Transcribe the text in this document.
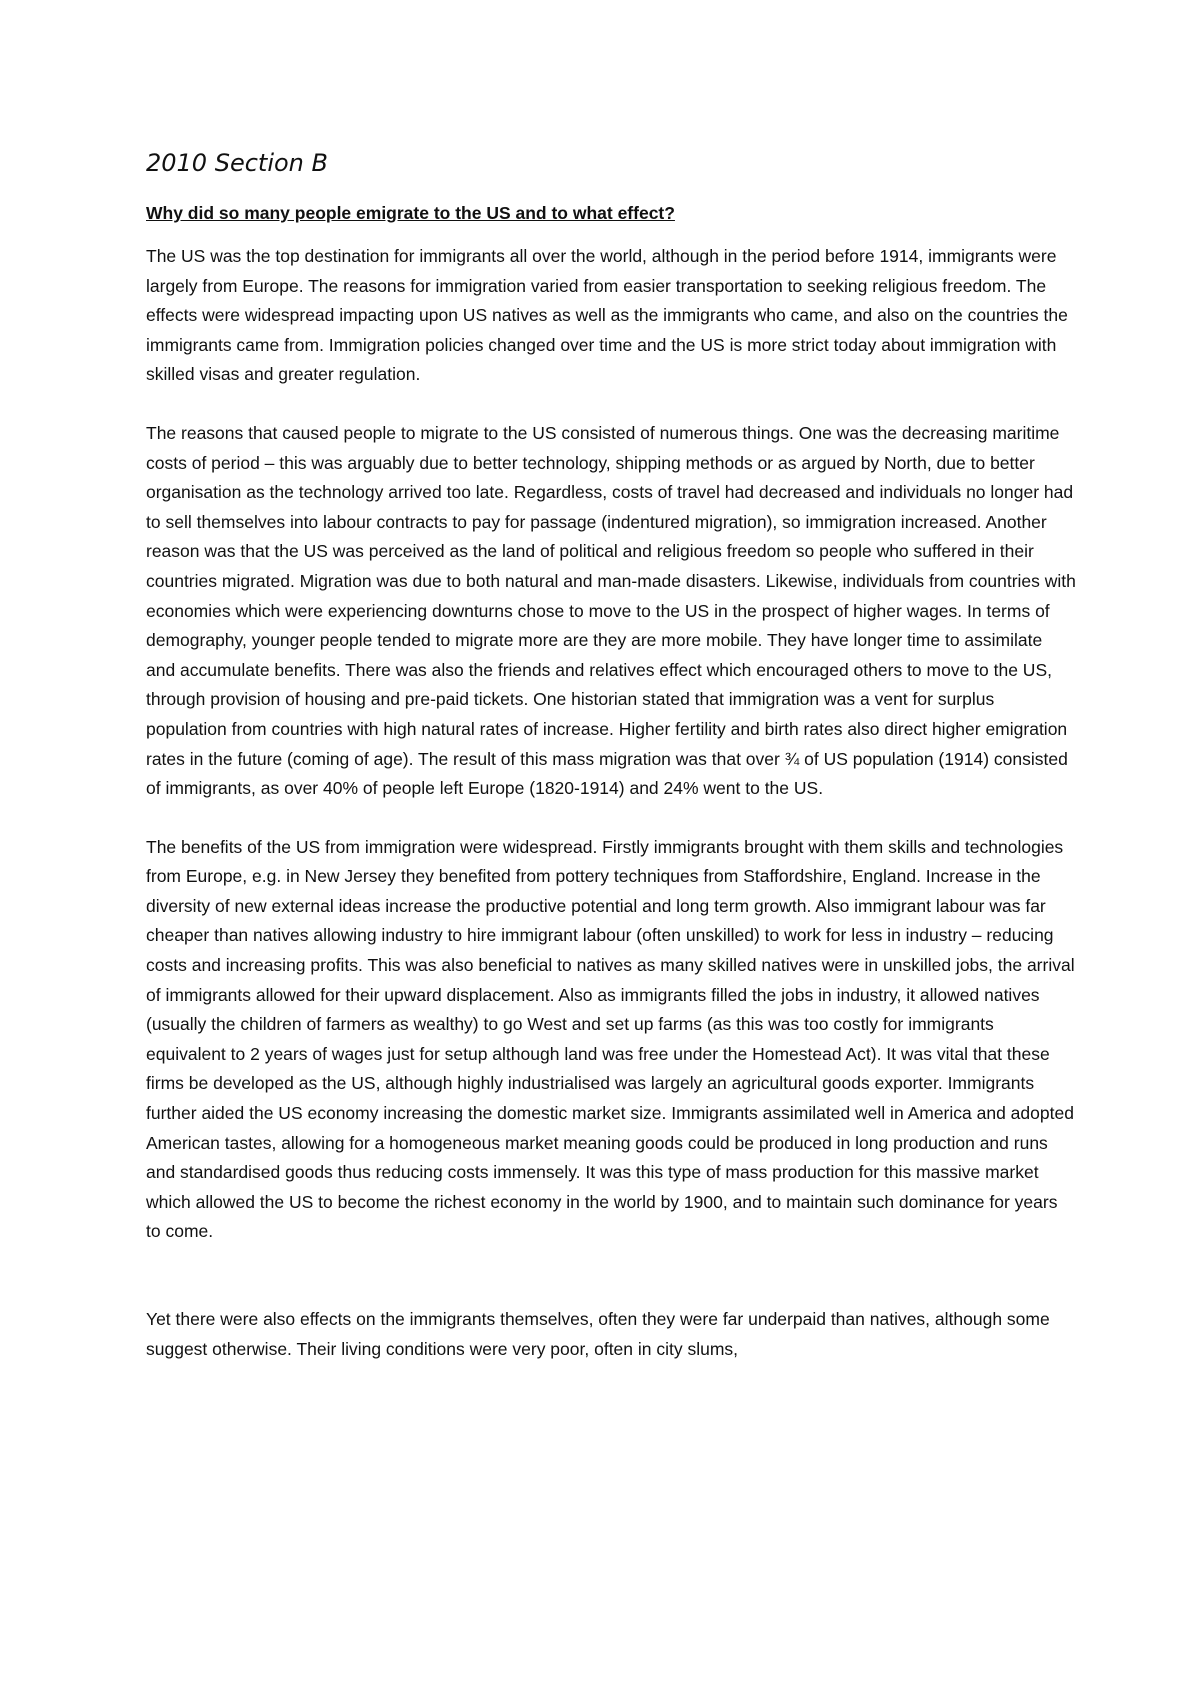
2010 Section B

Why did so many people emigrate to the US and to what effect?

The US was the top destination for immigrants all over the world, although in the period before 1914, immigrants were largely from Europe. The reasons for immigration varied from easier transportation to seeking religious freedom. The effects were widespread impacting upon US natives as well as the immigrants who came, and also on the countries the immigrants came from. Immigration policies changed over time and the US is more strict today about immigration with skilled visas and greater regulation.

The reasons that caused people to migrate to the US consisted of numerous things. One was the decreasing maritime costs of period – this was arguably due to better technology, shipping methods or as argued by North, due to better organisation as the technology arrived too late. Regardless, costs of travel had decreased and individuals no longer had to sell themselves into labour contracts to pay for passage (indentured migration), so immigration increased. Another reason was that the US was perceived as the land of political and religious freedom so people who suffered in their countries migrated. Migration was due to both natural and man-made disasters. Likewise, individuals from countries with economies which were experiencing downturns chose to move to the US in the prospect of higher wages. In terms of demography, younger people tended to migrate more are they are more mobile. They have longer time to assimilate and accumulate benefits. There was also the friends and relatives effect which encouraged others to move to the US, through provision of housing and pre-paid tickets. One historian stated that immigration was a vent for surplus population from countries with high natural rates of increase. Higher fertility and birth rates also direct higher emigration rates in the future (coming of age). The result of this mass migration was that over ¾ of US population (1914) consisted of immigrants, as over 40% of people left Europe (1820-1914) and 24% went to the US.

The benefits of the US from immigration were widespread. Firstly immigrants brought with them skills and technologies from Europe, e.g. in New Jersey they benefited from pottery techniques from Staffordshire, England. Increase in the diversity of new external ideas increase the productive potential and long term growth. Also immigrant labour was far cheaper than natives allowing industry to hire immigrant labour (often unskilled) to work for less in industry – reducing costs and increasing profits. This was also beneficial to natives as many skilled natives were in unskilled jobs, the arrival of immigrants allowed for their upward displacement. Also as immigrants filled the jobs in industry, it allowed natives (usually the children of farmers as wealthy) to go West and set up farms (as this was too costly for immigrants equivalent to 2 years of wages just for setup although land was free under the Homestead Act). It was vital that these firms be developed as the US, although highly industrialised was largely an agricultural goods exporter. Immigrants further aided the US economy increasing the domestic market size. Immigrants assimilated well in America and adopted American tastes, allowing for a homogeneous market meaning goods could be produced in long production and runs and standardised goods thus reducing costs immensely. It was this type of mass production for this massive market which allowed the US to become the richest economy in the world by 1900, and to maintain such dominance for years to come.

Yet there were also effects on the immigrants themselves, often they were far underpaid than natives, although some suggest otherwise. Their living conditions were very poor, often in city slums,
